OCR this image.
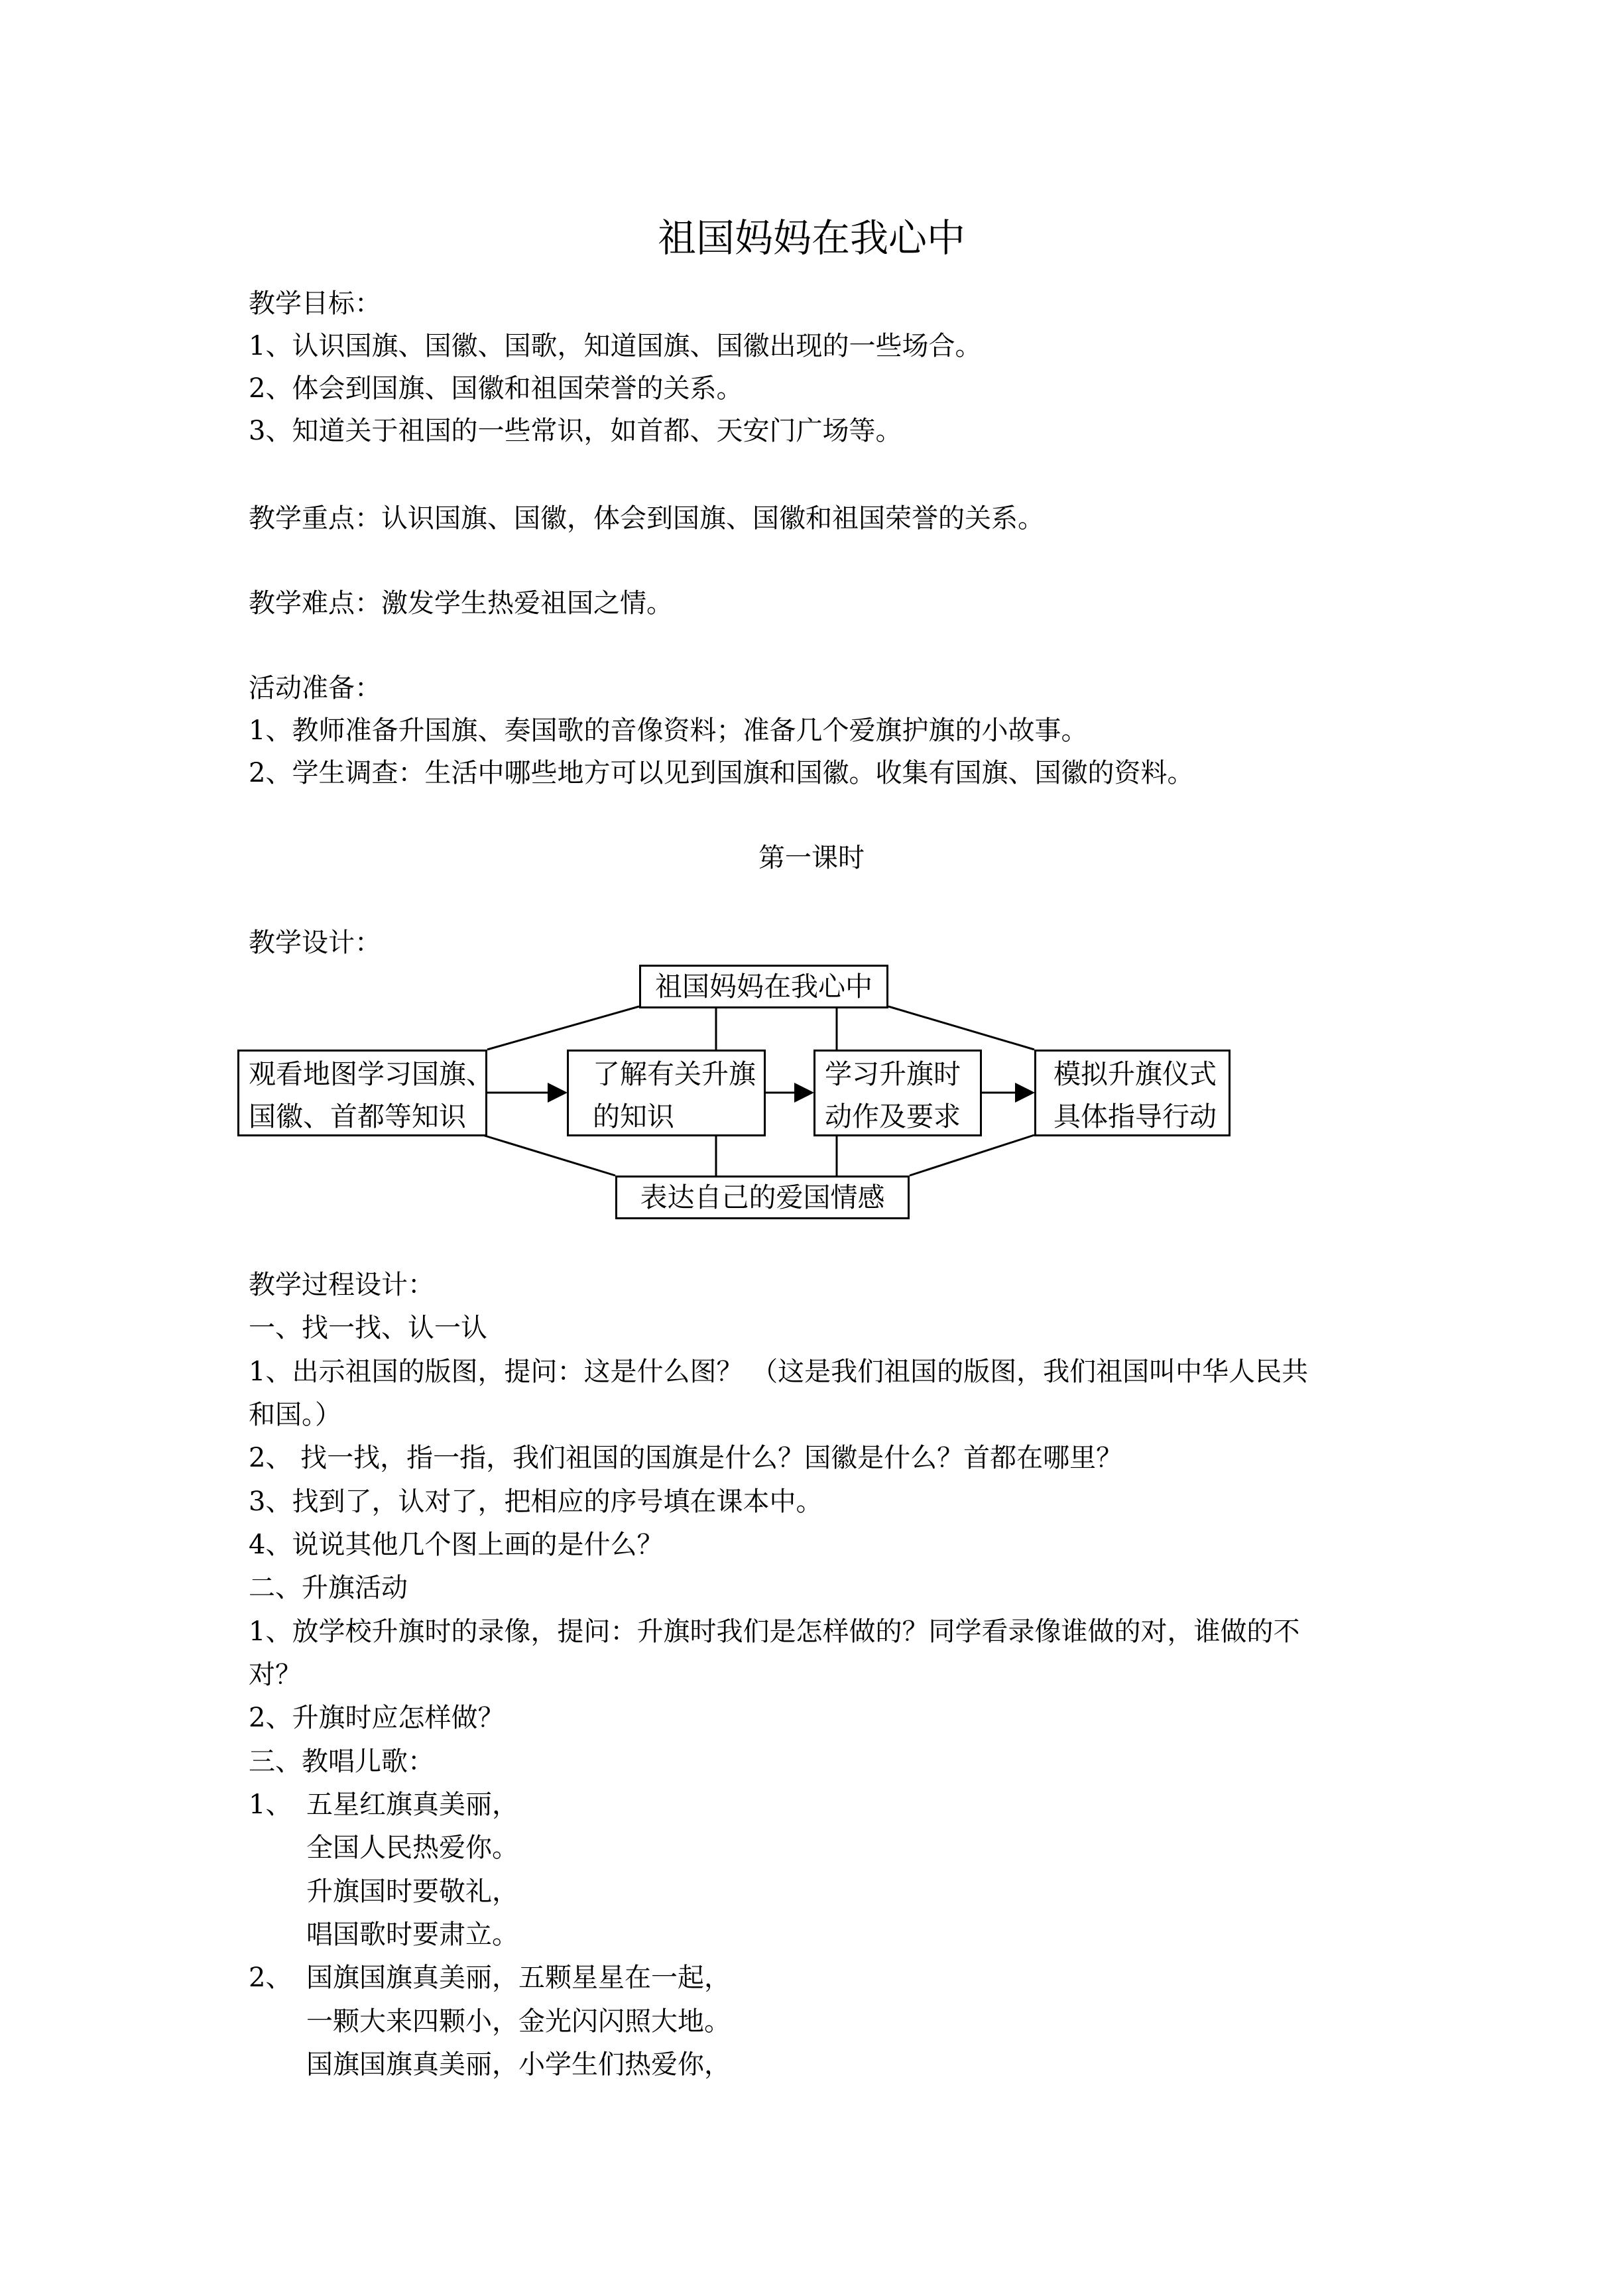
祖国妈妈在我心中
教学目标：
1、认识国旗、国徽、国歌，知道国旗、国徽出现的一些场合。
2、体会到国旗、国徽和祖国荣誉的关系。
3、知道关于祖国的一些常识，如首都、天安门广场等。
教学重点：认识国旗、国徽，体会到国旗、国徽和祖国荣誉的关系。
教学难点：激发学生热爱祖国之情。
活动准备：
1、教师准备升国旗、奏国歌的音像资料；准备几个爱旗护旗的小故事。
2、学生调查：生活中哪些地方可以见到国旗和国徽。收集有国旗、国徽的资料。
第一课时
教学设计：
祖国妈妈在我心中
观看地图学习国旗、
国徽、首都等知识
了解有关升旗
的知识
学习升旗时
动作及要求
模拟升旗仪式
具体指导行动
表达自己的爱国情感
教学过程设计：
一、找一找、认一认
1、出示祖国的版图，提问：这是什么图？ （这是我们祖国的版图，我们祖国叫中华人民共
和国。）
2、 找一找，指一指，我们祖国的国旗是什么？国徽是什么？首都在哪里？
3、找到了，认对了，把相应的序号填在课本中。
4、说说其他几个图上画的是什么？
二、升旗活动
1、放学校升旗时的录像，提问：升旗时我们是怎样做的？同学看录像谁做的对，谁做的不
对？
2、升旗时应怎样做？
三、教唱儿歌：
1、 五星红旗真美丽，
全国人民热爱你。
升旗国时要敬礼，
唱国歌时要肃立。
2、 国旗国旗真美丽，五颗星星在一起，
一颗大来四颗小，金光闪闪照大地。
国旗国旗真美丽，小学生们热爱你，
